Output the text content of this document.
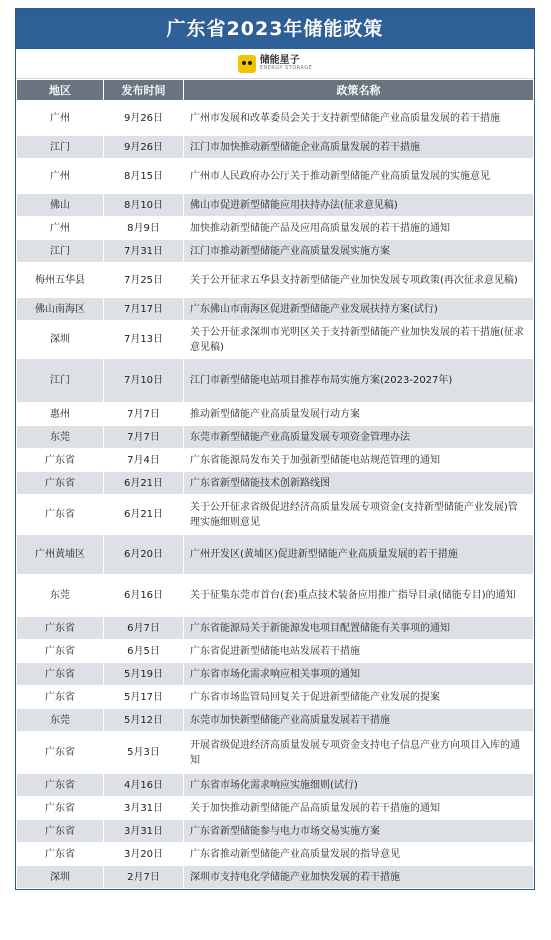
广东省2023年储能政策
储能星子
ENERGY STORAGE
地区	发布时间	政策名称
广州	9月26日	广州市发展和改革委员会关于支持新型储能产业高质量发展的若干措施
江门	9月26日	江门市加快推动新型储能企业高质量发展的若干措施
广州	8月15日	广州市人民政府办公厅关于推动新型储能产业高质量发展的实施意见
佛山	8月10日	佛山市促进新型储能应用扶持办法(征求意见稿)
广州	8月9日	加快推动新型储能产品及应用高质量发展的若干措施的通知
江门	7月31日	江门市推动新型储能产业高质量发展实施方案
梅州五华县	7月25日	关于公开征求五华县支持新型储能产业加快发展专项政策(再次征求意见稿)
佛山南海区	7月17日	广东佛山市南海区促进新型储能产业发展扶持方案(试行)
深圳	7月13日	关于公开征求深圳市光明区关于支持新型储能产业加快发展的若干措施(征求意见稿)
江门	7月10日	江门市新型储能电站项目推荐布局实施方案(2023-2027年)
惠州	7月7日	推动新型储能产业高质量发展行动方案
东莞	7月7日	东莞市新型储能产业高质量发展专项资金管理办法
广东省	7月4日	广东省能源局发布关于加强新型储能电站规范管理的通知
广东省	6月21日	广东省新型储能技术创新路线图
广东省	6月21日	关于公开征求省级促进经济高质量发展专项资金(支持新型储能产业发展)管理实施细则意见
广州黄埔区	6月20日	广州开发区(黄埔区)促进新型储能产业高质量发展的若干措施
东莞	6月16日	关于征集东莞市首台(套)重点技术装备应用推广指导目录(储能专目)的通知
广东省	6月7日	广东省能源局关于新能源发电项目配置储能有关事项的通知
广东省	6月5日	广东省促进新型储能电站发展若干措施
广东省	5月19日	广东省市场化需求响应相关事项的通知
广东省	5月17日	广东省市场监管局回复关于促进新型储能产业发展的提案
东莞	5月12日	东莞市加快新型储能产业高质量发展若干措施
广东省	5月3日	开展省级促进经济高质量发展专项资金支持电子信息产业方向项目入库的通知
广东省	4月16日	广东省市场化需求响应实施细则(试行)
广东省	3月31日	关于加快推动新型储能产品高质量发展的若干措施的通知
广东省	3月31日	广东省新型储能参与电力市场交易实施方案
广东省	3月20日	广东省推动新型储能产业高质量发展的指导意见
深圳	2月7日	深圳市支持电化学储能产业加快发展的若干措施
